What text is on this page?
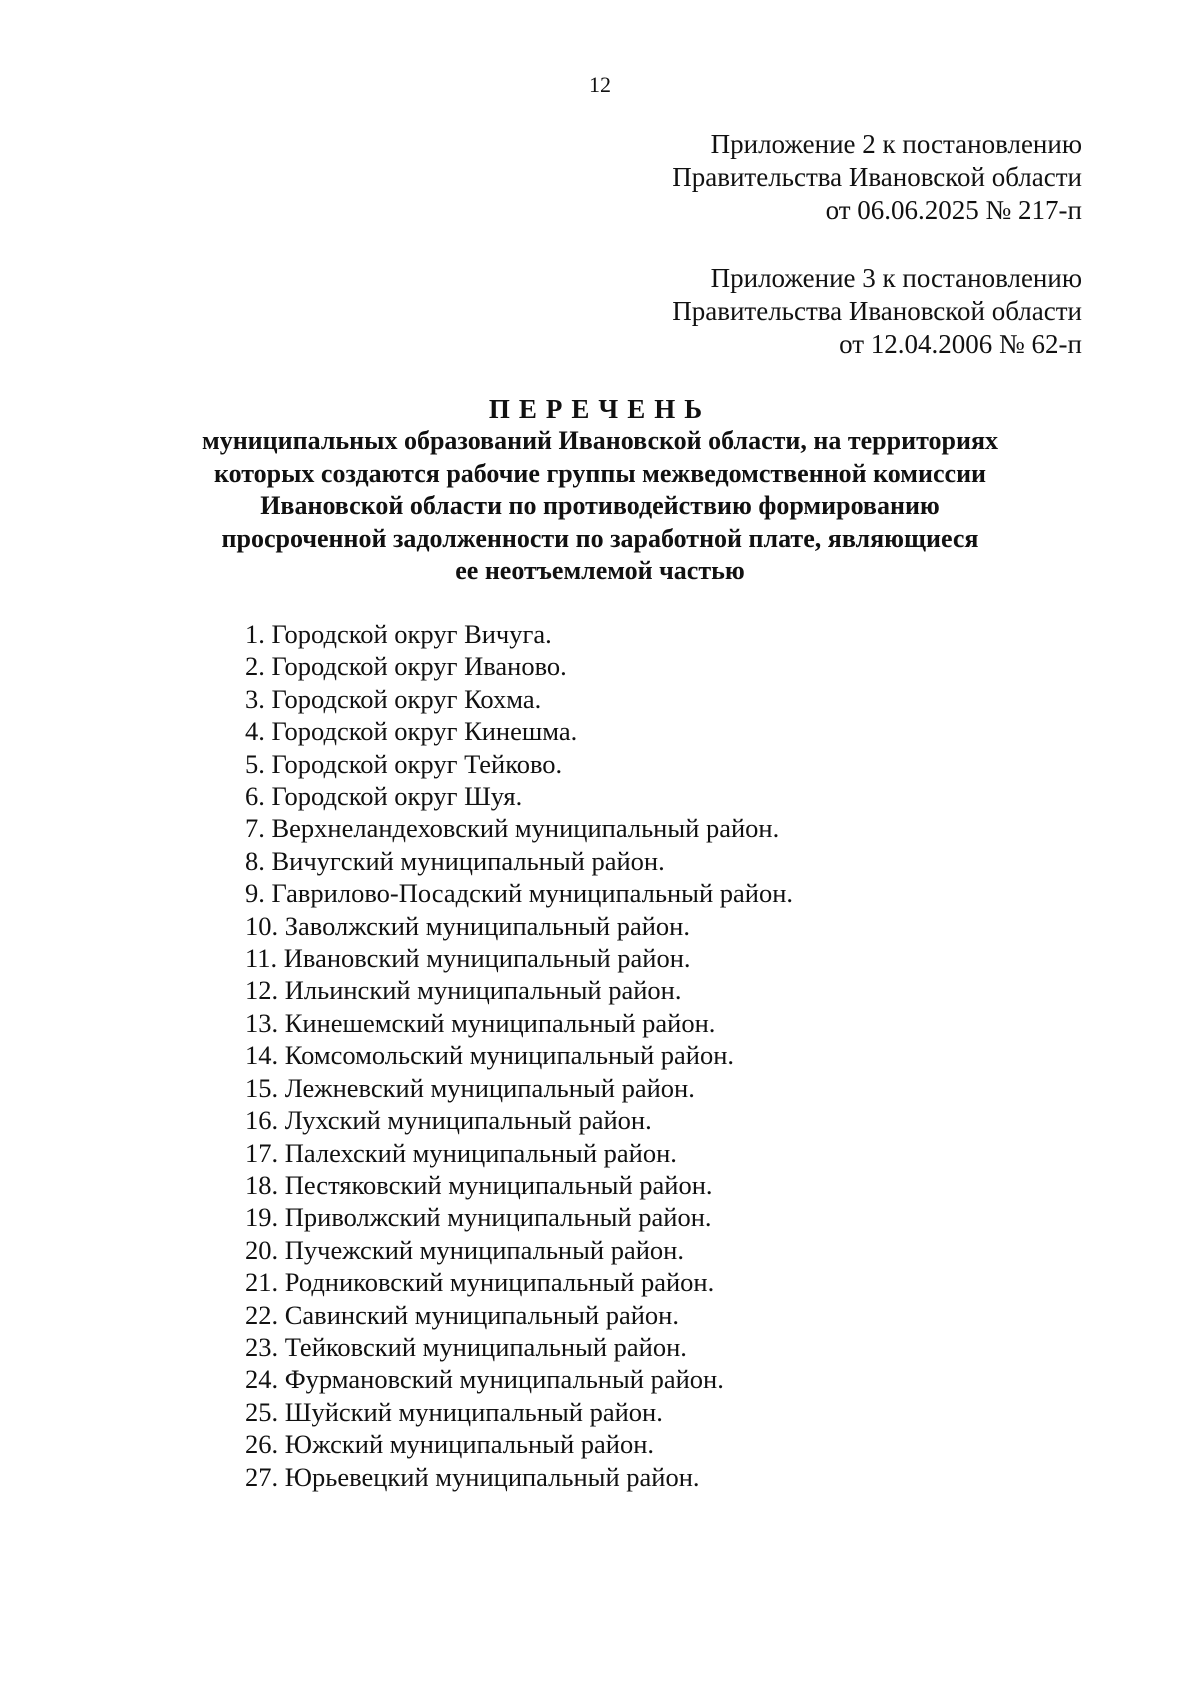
12
Приложение 2 к постановлению
Правительства Ивановской области
от 06.06.2025 № 217-п
Приложение 3 к постановлению
Правительства Ивановской области
от 12.04.2006 № 62-п
ПЕРЕЧЕНЬ
муниципальных образований Ивановской области, на территориях
которых создаются рабочие группы межведомственной комиссии
Ивановской области по противодействию формированию
просроченной задолженности по заработной плате, являющиеся
ее неотъемлемой частью
1. Городской округ Вичуга.
2. Городской округ Иваново.
3. Городской округ Кохма.
4. Городской округ Кинешма.
5. Городской округ Тейково.
6. Городской округ Шуя.
7. Верхнеландеховский муниципальный район.
8. Вичугский муниципальный район.
9. Гаврилово-Посадский муниципальный район.
10. Заволжский муниципальный район.
11. Ивановский муниципальный район.
12. Ильинский муниципальный район.
13. Кинешемский муниципальный район.
14. Комсомольский муниципальный район.
15. Лежневский муниципальный район.
16. Лухский муниципальный район.
17. Палехский муниципальный район.
18. Пестяковский муниципальный район.
19. Приволжский муниципальный район.
20. Пучежский муниципальный район.
21. Родниковский муниципальный район.
22. Савинский муниципальный район.
23. Тейковский муниципальный район.
24. Фурмановский муниципальный район.
25. Шуйский муниципальный район.
26. Южский муниципальный район.
27. Юрьевецкий муниципальный район.
